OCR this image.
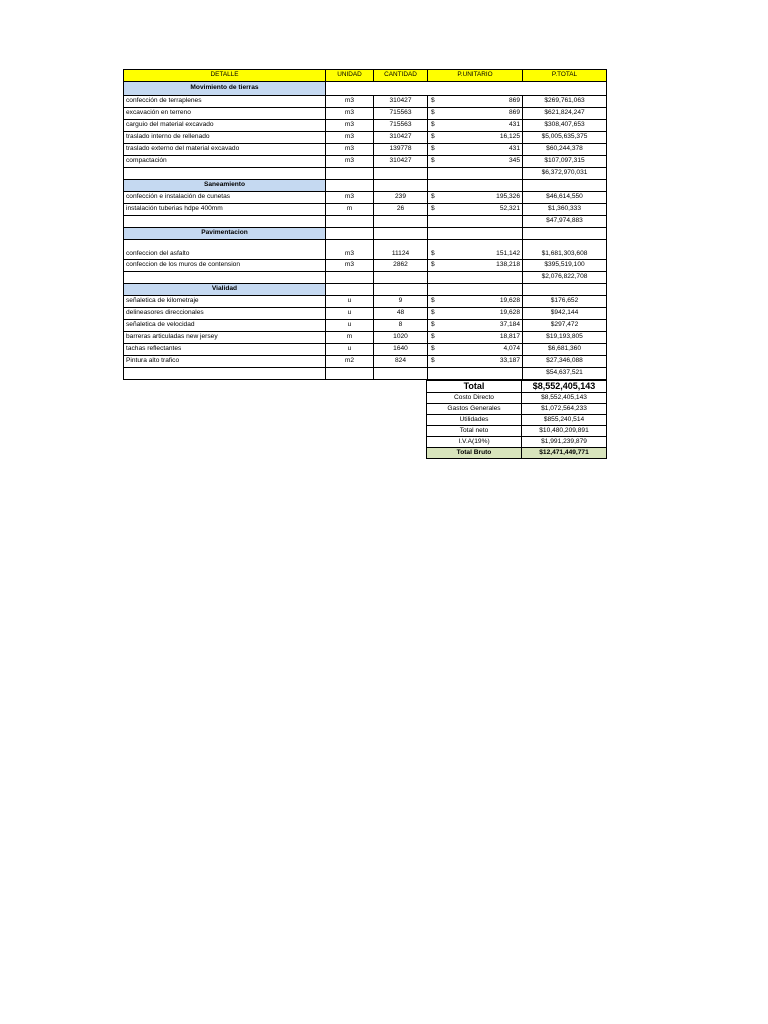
DETALLE	UNIDAD	CANTIDAD	P.UNITARIO	P.TOTAL
Movimiento de tierras				
confección de terraplenes	m3	310427	$ 869	$269,761,063
excavación en terreno	m3	715563	$ 869	$621,824,247
carguio del material excavado	m3	715563	$ 431	$308,407,653
traslado interno de rellenado	m3	310427	$ 16,125	$5,005,635,375
traslado externo del material excavado	m3	139778	$ 431	$60,244,378
compactación	m3	310427	$ 345	$107,097,315
				$6,372,970,031
Saneamiento				
confección e instalación de cunetas	m3	239	$ 195,326	$46,614,550
instalación tuberias hdpe 400mm	m	26	$ 52,321	$1,360,333
				$47,974,883
Pavimentacion				
confeccion del asfalto	m3	11124	$ 151,142	$1,681,303,608
confeccion de los muros de contension	m3	2862	$ 138,218	$395,519,100
				$2,076,822,708
Vialidad				
señaletica de kilometraje	u	9	$ 19,628	$176,652
delineasores direccionales	u	48	$ 19,628	$942,144
señaletica de velocidad	u	8	$ 37,184	$297,472
barreras articuladas new jersey	m	1020	$ 18,817	$19,193,805
tachas reflectantes	u	1640	$ 4,074	$6,681,360
Pintura alto trafico	m2	824	$ 33,187	$27,346,088
				$54,637,521
Total	$8,552,405,143
Costo Directo	$8,552,405,143
Gastos Generales	$1,072,564,233
Utilidades	$855,240,514
Total neto	$10,480,209,891
I.V.A(19%)	$1,991,239,879
Total Bruto	$12,471,449,771
